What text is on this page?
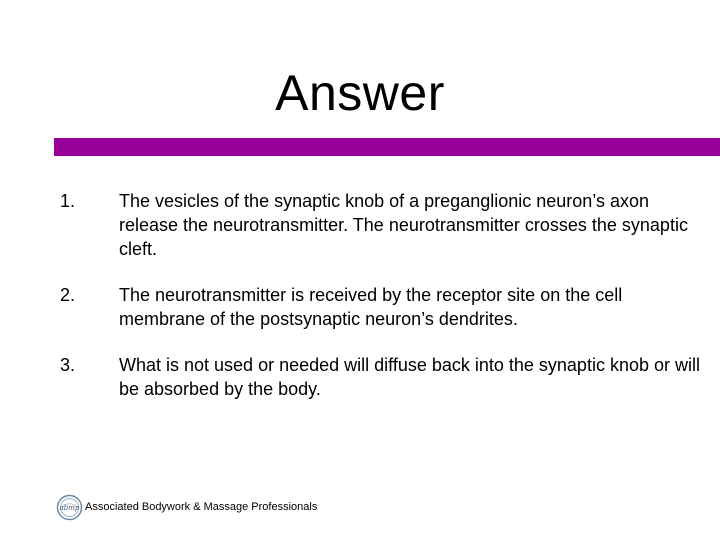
Answer
1.	The vesicles of the synaptic knob of a preganglionic neuron’s axon release the neurotransmitter. The neurotransmitter crosses the synaptic cleft.
2.	The neurotransmitter is received by the receptor site on the cell membrane of the postsynaptic neuron’s dendrites.
3.	What is not used or needed will diffuse back into the synaptic knob or will be absorbed by the body.
abmp Associated Bodywork & Massage Professionals
